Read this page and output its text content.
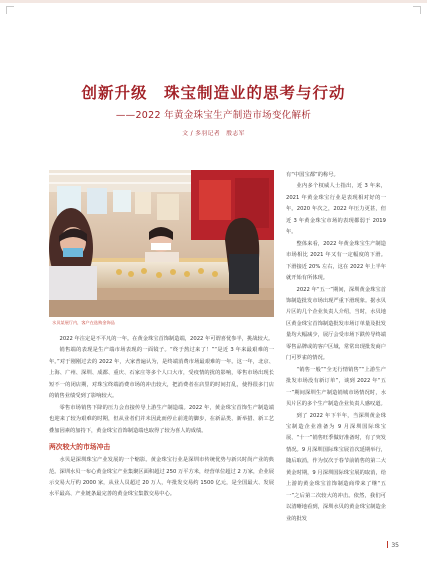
创新升级　珠宝制造业的思考与行动
——2022 年黄金珠宝生产制造市场变化解析
文 / 多羽记者　殷志军
水贝某展厅内，客户在选购金饰品

2022 年注定是不平凡的一年。在黄金珠宝首饰制造端，2022 年可谓喜忧参半，挑战较大。

销售端的表现是生产端市场表现的一面镜子。“终于熬过来了！”“是近 3 年来最艰难的一年。”对于刚刚过去的 2022 年，大家普遍认为，是终端消费市场最艰难的一年。这一年，北京、上海、广州、深圳、成都、重庆、石家庄等多个人口大市，受疫情的扰的影响，零售市场出现长短不一的闭店期，对珠宝终端消费市场的冲击较大，把消费者在店里的时间打乱，使得很多门店的销售业绩受到了影响较大。

零售市场销售下降的压力会直接传导上游生产制造端。2022 年，黄金珠宝首饰生产制造端也迎来了较为艰难的时期，但从业者们并未因此而停止前进的脚步，在新品类、新举措、新工艺叠加因素的加持下，黄金珠宝首饰制造端也取得了较为喜人的成绩。

两次较大的市场冲击

水贝是深圳珠宝产业发展的一个缩影。黄金珠宝行业是深圳市传统优势与新兴时尚产业的典范。深圳水贝一布心黄金珠宝产业集聚区面积超过 250 万平方米，经营单位超过 2 万家，企业展示交易大厅约 2000 家，从业人员超过 20 万人，年批发交易约 1500 亿元，是全国最大、发展水平最高、产业链条最完善的黄金珠宝集散交易中心。

有“中国宝都”的称号。

业内多个权威人士指出，近 3 年来，2021 年黄金珠宝行业是表现相对好的一年。2020 年次之，2022 年压力更甚，但近 3 年黄金珠宝市场的表现都弱于 2019 年。

整体来看，2022 年黄金珠宝生产制造市场相比 2021 年又有一定幅度的下滑。下滑接近 20% 左右，这在 2022 年上半年就开始有所体现。

2022 年“五一”期间，深圳黄金珠宝首饰制造批发市场出现严重下滑现象。据水贝片区的几个企业负责人介绍，当时，水贝地区黄金珠宝首饰制造批发市场订单量及批发量均大幅减少，展厅会受市场下跌传导终端零售品牌或的客户区域，常常出现批发商户门可罗雀的情况。

“销售一般”“全无行情销售”“上游生产批发市场没有新订单”，谈到 2022 年“五一”期间深圳生产制造销城市场情况时，水贝片区的多个生产制造企业负责人感叹道。

到了 2022 年下半年，当深圳黄金珠宝制造企业准备为 9 月深圳国际珠宝展、“十一”销售旺季做好准备时，有了突发情况。9 月深圳国际珠宝展首次延期举行，随后取消，作为仅次于春节前销售的第二大黄金时期，9 月深圳国际珠宝展的取消，给上游的黄金珠宝首饰制造商带来了继“五一”之后第二次较大的冲击。依然，我们可以清晰地看到，深圳水贝的黄金珠宝制造企业的批发

35
